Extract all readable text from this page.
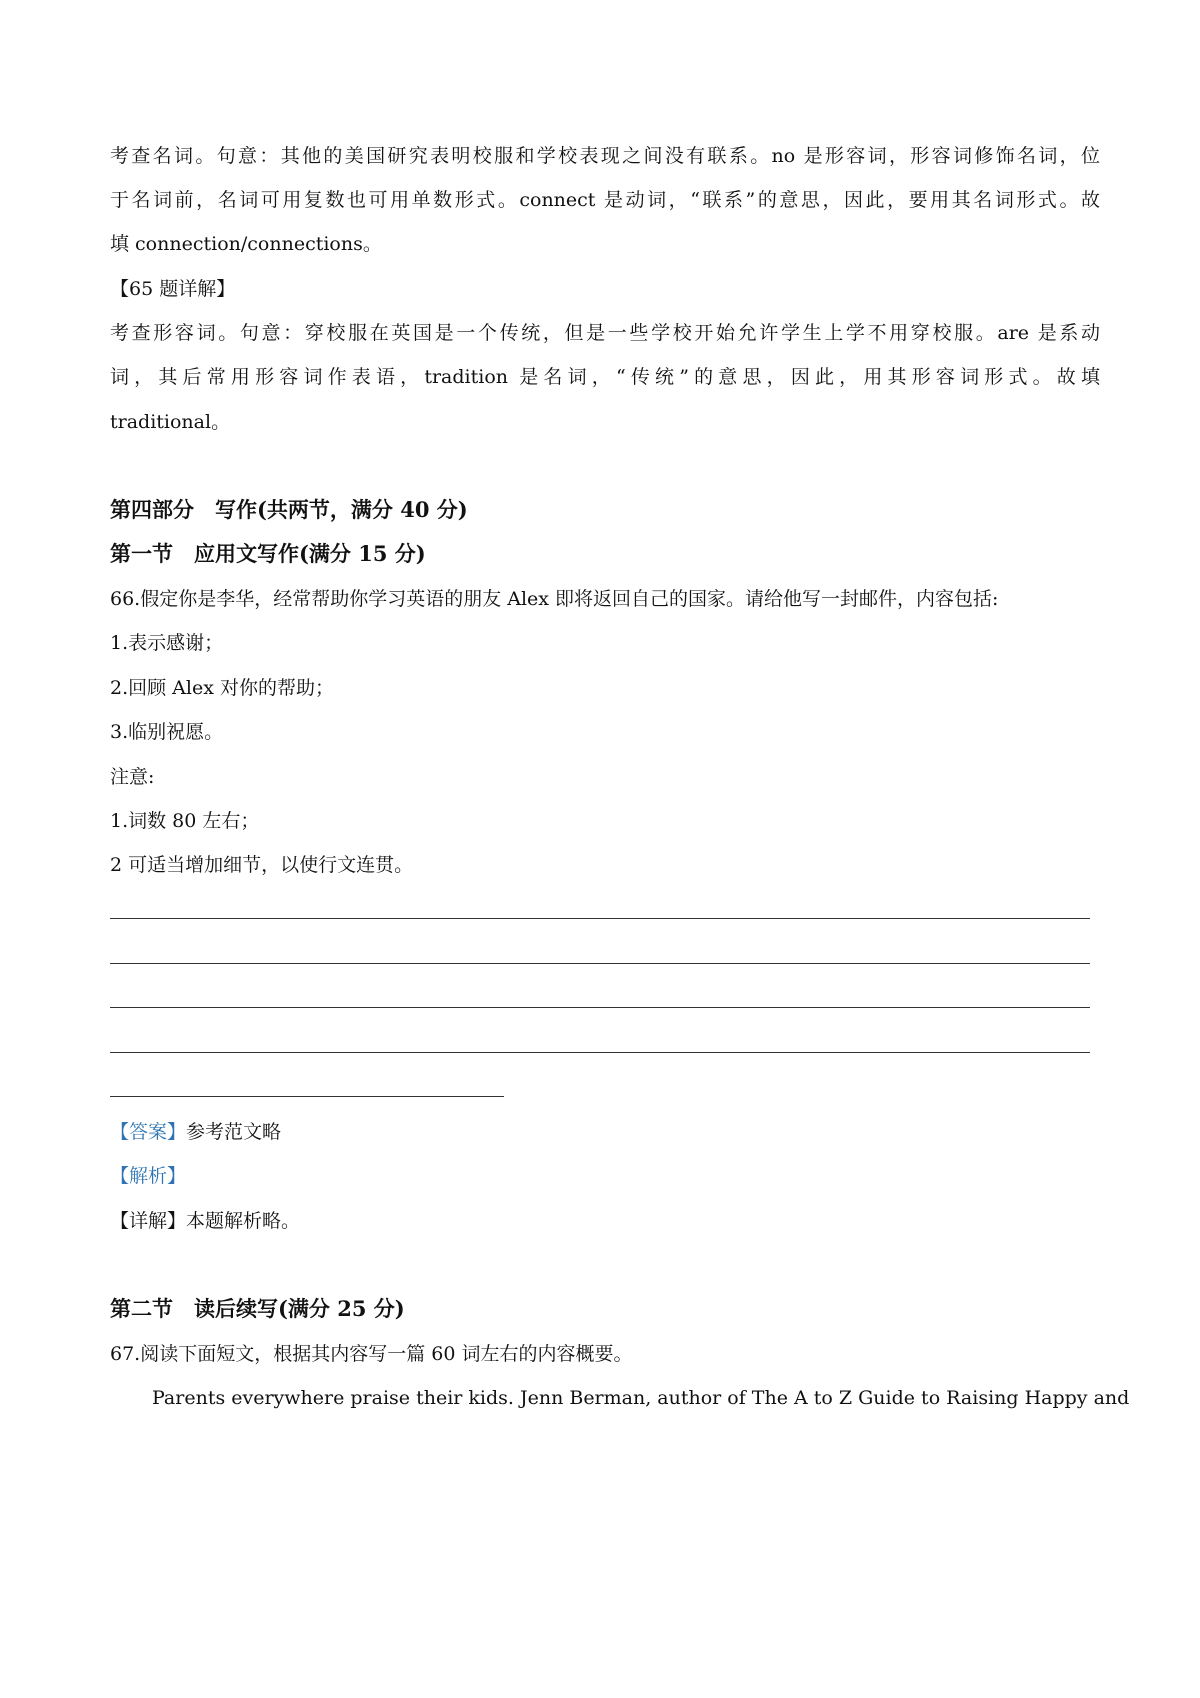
考查名词。句意：其他的美国研究表明校服和学校表现之间没有联系。no 是形容词，形容词修饰名词，位
于名词前，名词可用复数也可用单数形式。connect 是动词，“联系”的意思，因此，要用其名词形式。故
填 connection/connections。
【65 题详解】
考查形容词。句意：穿校服在英国是一个传统，但是一些学校开始允许学生上学不用穿校服。are 是系动
词，其后常用形容词作表语，tradition 是名词，“传统”的意思，因此，用其形容词形式。故填
traditional。
第四部分　写作(共两节，满分 40 分)
第一节　应用文写作(满分 15 分)
66.假定你是李华，经常帮助你学习英语的朋友 Alex 即将返回自己的国家。请给他写一封邮件，内容包括:
1.表示感谢；
2.回顾 Alex 对你的帮助；
3.临别祝愿。
注意:
1.词数 80 左右；
2 可适当增加细节，以使行文连贯。
【答案】参考范文略
【解析】
【详解】本题解析略。
第二节　读后续写(满分 25 分)
67.阅读下面短文，根据其内容写一篇 60 词左右的内容概要。
Parents everywhere praise their kids. Jenn Berman, author of The A to Z Guide to Raising Happy and
